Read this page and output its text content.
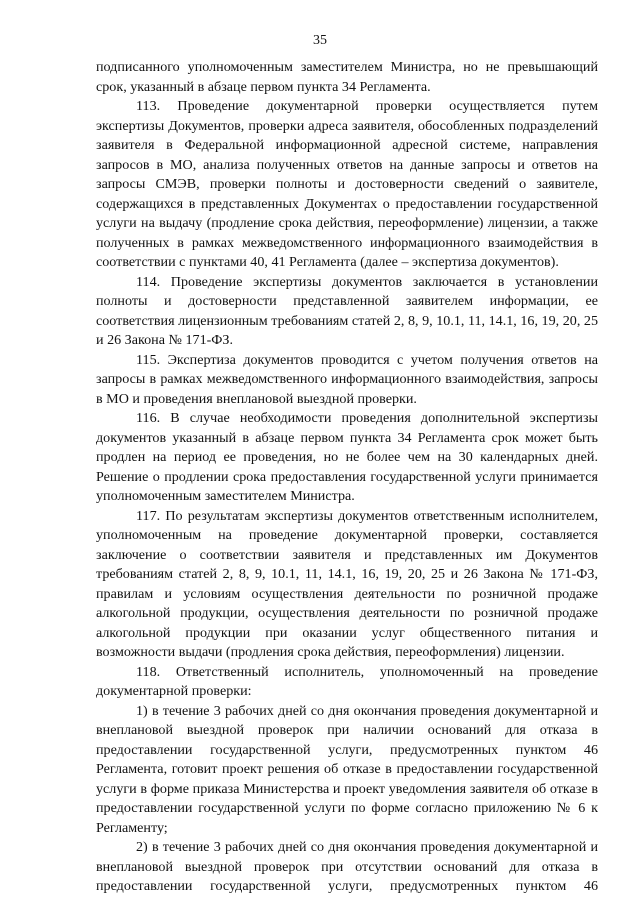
35

подписанного уполномоченным заместителем Министра, но не превышающий срок, указанный в абзаце первом пункта 34 Регламента.

113. Проведение документарной проверки осуществляется путем экспертизы Документов, проверки адреса заявителя, обособленных подразделений заявителя в Федеральной информационной адресной системе, направления запросов в МО, анализа полученных ответов на данные запросы и ответов на запросы СМЭВ, проверки полноты и достоверности сведений о заявителе, содержащихся в представленных Документах о предоставлении государственной услуги на выдачу (продление срока действия, переоформление) лицензии, а также полученных в рамках межведомственного информационного взаимодействия в соответствии с пунктами 40, 41 Регламента (далее – экспертиза документов).

114. Проведение экспертизы документов заключается в установлении полноты и достоверности представленной заявителем информации, ее соответствия лицензионным требованиям статей 2, 8, 9, 10.1, 11, 14.1, 16, 19, 20, 25 и 26 Закона № 171-ФЗ.

115. Экспертиза документов проводится с учетом получения ответов на запросы в рамках межведомственного информационного взаимодействия, запросы в МО и проведения внеплановой выездной проверки.

116. В случае необходимости проведения дополнительной экспертизы документов указанный в абзаце первом пункта 34 Регламента срок может быть продлен на период ее проведения, но не более чем на 30 календарных дней. Решение о продлении срока предоставления государственной услуги принимается уполномоченным заместителем Министра.

117. По результатам экспертизы документов ответственным исполнителем, уполномоченным на проведение документарной проверки, составляется заключение о соответствии заявителя и представленных им Документов требованиям статей 2, 8, 9, 10.1, 11, 14.1, 16, 19, 20, 25 и 26 Закона № 171-ФЗ, правилам и условиям осуществления деятельности по розничной продаже алкогольной продукции, осуществления деятельности по розничной продаже алкогольной продукции при оказании услуг общественного питания и возможности выдачи (продления срока действия, переоформления) лицензии.

118. Ответственный исполнитель, уполномоченный на проведение документарной проверки:

1) в течение 3 рабочих дней со дня окончания проведения документарной и внеплановой выездной проверок при наличии оснований для отказа в предоставлении государственной услуги, предусмотренных пунктом 46 Регламента, готовит проект решения об отказе в предоставлении государственной услуги в форме приказа Министерства и проект уведомления заявителя об отказе в предоставлении государственной услуги по форме согласно приложению № 6 к Регламенту;

2) в течение 3 рабочих дней со дня окончания проведения документарной и внеплановой выездной проверок при отсутствии оснований для отказа в предоставлении государственной услуги, предусмотренных пунктом 46
